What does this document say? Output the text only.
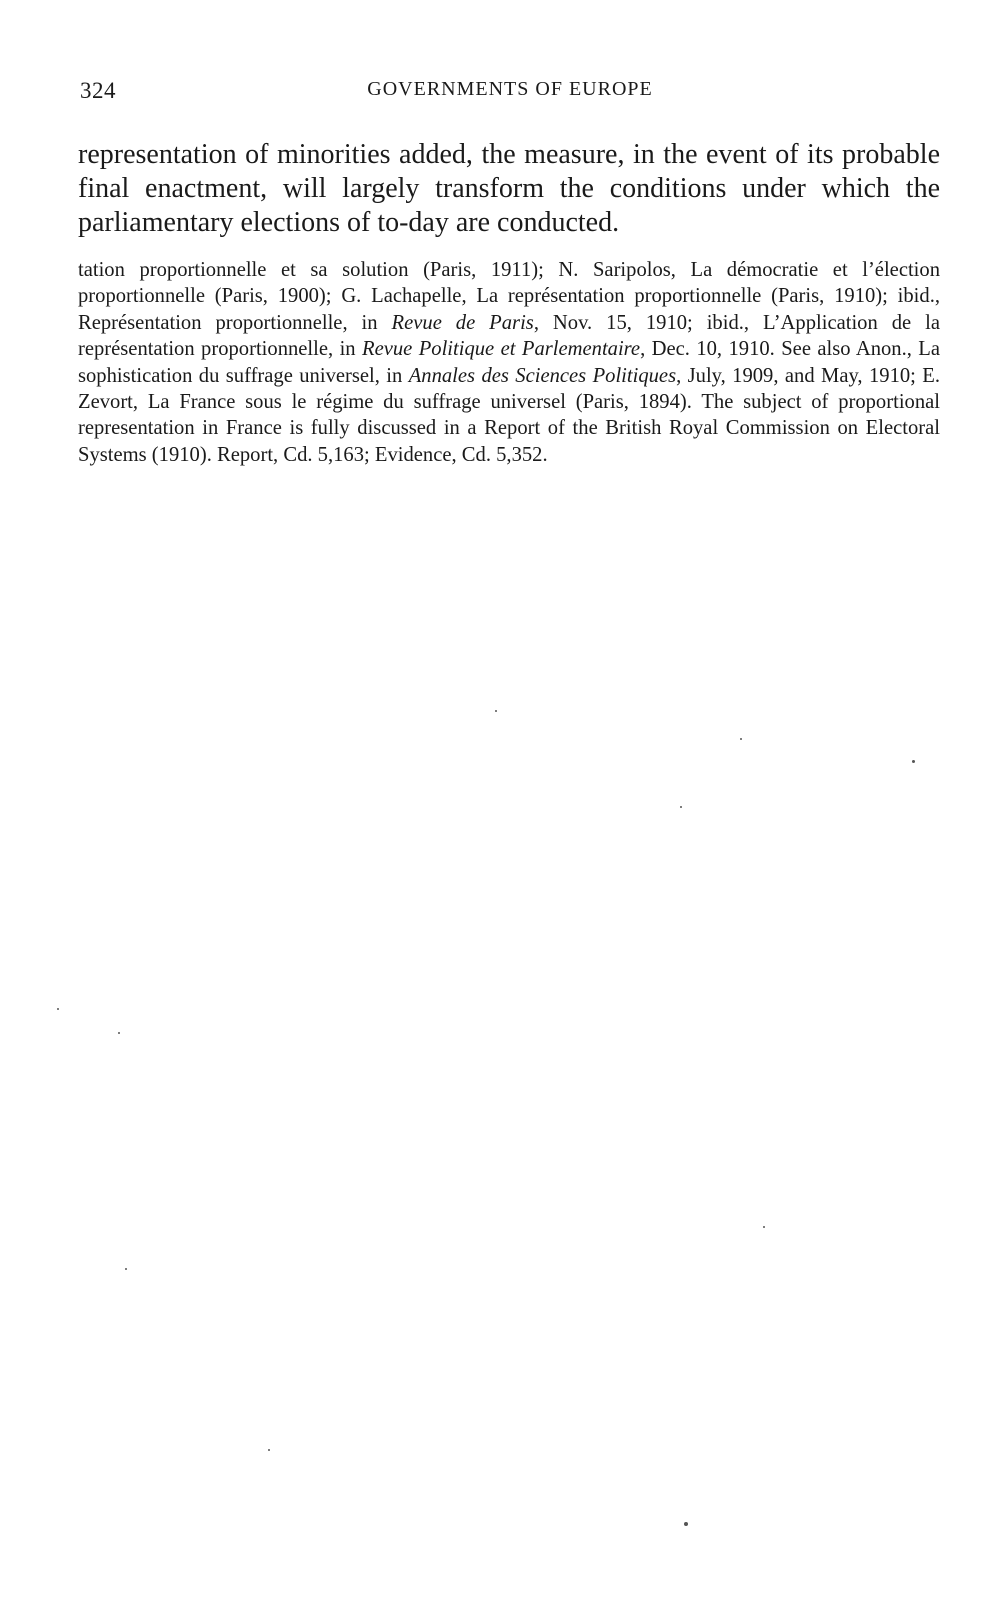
324	GOVERNMENTS OF EUROPE

representation of minorities added, the measure, in the event of its probable final enactment, will largely transform the conditions under which the parliamentary elections of to-day are conducted.

tation proportionnelle et sa solution (Paris, 1911); N. Saripolos, La démocratie et l’élection proportionnelle (Paris, 1900); G. Lachapelle, La représentation proportionnelle (Paris, 1910); ibid., Représentation proportionnelle, in Revue de Paris, Nov. 15, 1910; ibid., L’Application de la représentation proportionnelle, in Revue Politique et Parlementaire, Dec. 10, 1910. See also Anon., La sophistication du suffrage universel, in Annales des Sciences Politiques, July, 1909, and May, 1910; E. Zevort, La France sous le régime du suffrage universel (Paris, 1894). The subject of proportional representation in France is fully discussed in a Report of the British Royal Commission on Electoral Systems (1910). Report, Cd. 5,163; Evidence, Cd. 5,352.
